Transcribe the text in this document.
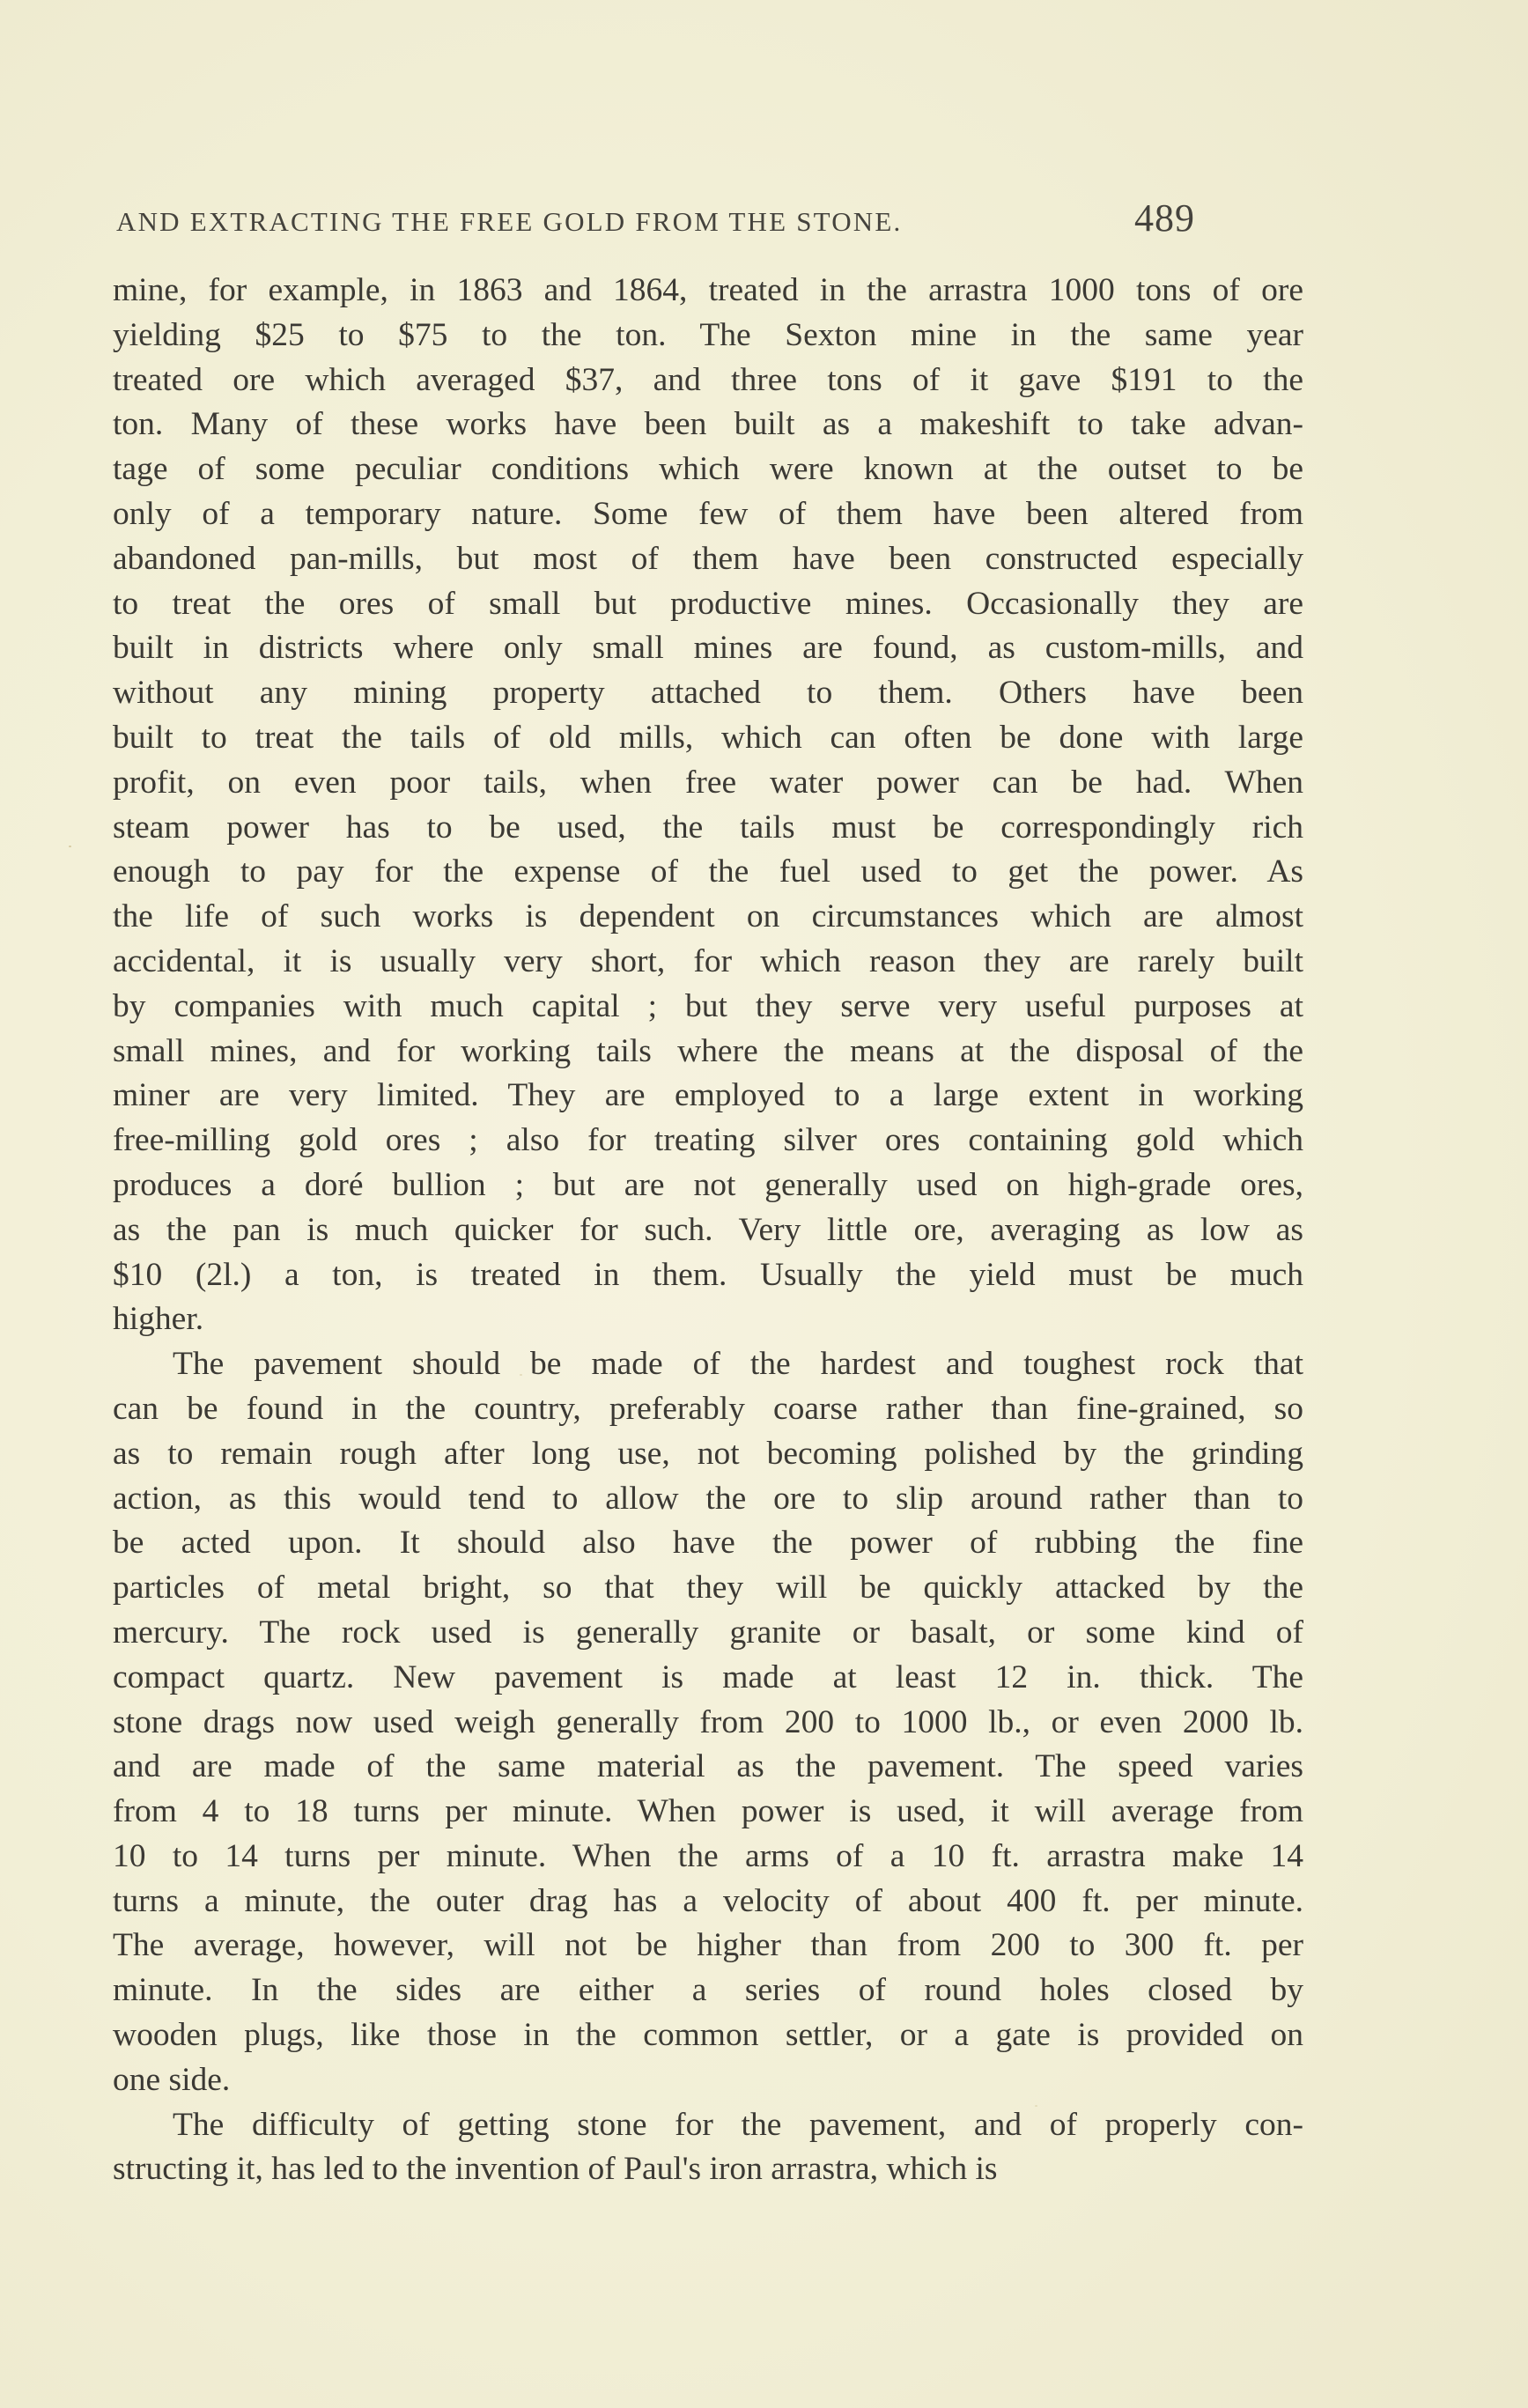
AND EXTRACTING THE FREE GOLD FROM THE STONE.	489
mine, for example, in 1863 and 1864, treated in the arrastra 1000 tons of ore
yielding $25 to $75 to the ton. The Sexton mine in the same year
treated ore which averaged $37, and three tons of it gave $191 to the
ton. Many of these works have been built as a makeshift to take advan-
tage of some peculiar conditions which were known at the outset to be
only of a temporary nature. Some few of them have been altered from
abandoned pan-mills, but most of them have been constructed especially
to treat the ores of small but productive mines. Occasionally they are
built in districts where only small mines are found, as custom-mills, and
without any mining property attached to them. Others have been
built to treat the tails of old mills, which can often be done with large
profit, on even poor tails, when free water power can be had. When
steam power has to be used, the tails must be correspondingly rich
enough to pay for the expense of the fuel used to get the power. As
the life of such works is dependent on circumstances which are almost
accidental, it is usually very short, for which reason they are rarely built
by companies with much capital ; but they serve very useful purposes at
small mines, and for working tails where the means at the disposal of the
miner are very limited. They are employed to a large extent in working
free-milling gold ores ; also for treating silver ores containing gold which
produces a doré bullion ; but are not generally used on high-grade ores,
as the pan is much quicker for such. Very little ore, averaging as low as
$10 (2l.) a ton, is treated in them. Usually the yield must be much
higher.
The pavement should be made of the hardest and toughest rock that
can be found in the country, preferably coarse rather than fine-grained, so
as to remain rough after long use, not becoming polished by the grinding
action, as this would tend to allow the ore to slip around rather than to
be acted upon. It should also have the power of rubbing the fine
particles of metal bright, so that they will be quickly attacked by the
mercury. The rock used is generally granite or basalt, or some kind of
compact quartz. New pavement is made at least 12 in. thick. The
stone drags now used weigh generally from 200 to 1000 lb., or even 2000 lb.
and are made of the same material as the pavement. The speed varies
from 4 to 18 turns per minute. When power is used, it will average from
10 to 14 turns per minute. When the arms of a 10 ft. arrastra make 14
turns a minute, the outer drag has a velocity of about 400 ft. per minute.
The average, however, will not be higher than from 200 to 300 ft. per
minute. In the sides are either a series of round holes closed by
wooden plugs, like those in the common settler, or a gate is provided on
one side.
The difficulty of getting stone for the pavement, and of properly con-
structing it, has led to the invention of Paul's iron arrastra, which is
